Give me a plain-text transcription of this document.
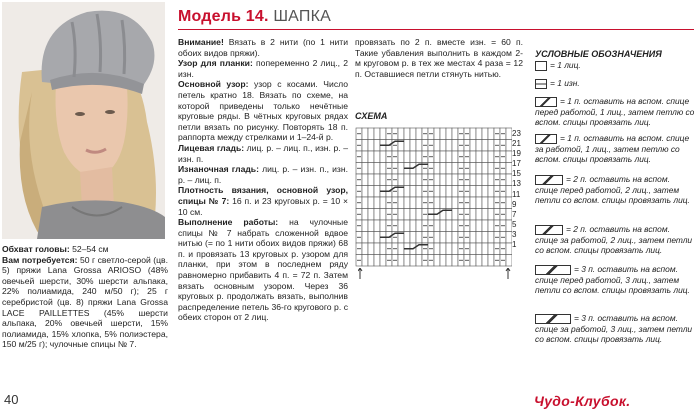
Модель 14. ШАПКА

Обхват головы: 52–54 см

Вам потребуется: 50 г светло-серой (цв. 5) пряжи Lana Grossa ARIOSO (48% овечьей шерсти, 30% шерсти альпака, 22% полиамида, 240 м/50 г); 25 г серебристой (цв. 8) пряжи Lana Grossa LACE PAILLETTES (45% шерсти альпака, 20% овечьей шерсти, 15% полиамида, 15% хлопка, 5% полиэстера, 150 м/25 г); чулочные спицы № 7.

Внимание! Вязать в 2 нити (по 1 нити обоих видов пряжи).

Узор для планки: попеременно 2 лиц., 2 изн.

Основной узор: узор с косами. Число петель кратно 18. Вязать по схеме, на которой приведены только нечётные круговые ряды. В чётных круговых рядах петли вязать по рисунку. Повторять 18 п. раппорта между стрелками и 1–24-й р.

Лицевая гладь: лиц. р. – лиц. п., изн. р. – изн. п.

Изнаночная гладь: лиц. р. – изн. п., изн. р. – лиц. п.

Плотность вязания, основной узор, спицы № 7: 16 п. и 23 круговых р. = 10 × 10 см.

Выполнение работы: на чулочные спицы № 7 набрать сложенной вдвое нитью (= по 1 нити обоих видов пряжи) 68 п. и провязать 13 круговых р. узором для планки, при этом в последнем ряду равномерно прибавить 4 п. = 72 п. Затем вязать основным узором. Через 36 круговых р. продолжать вязать, выполнив распределение петель 36-го кругового р. с обеих сторон от 2 лиц.

провязать по 2 п. вместе изн. = 60 п. Такие убавления выполнить в каждом 2-м круговом р. в тех же местах 4 раза = 12 п. Оставшиеся петли стянуть нитью.

СХЕМА
23
21
19
17
15
13
11
9
7
5
3
1
УСЛОВНЫЕ ОБОЗНАЧЕНИЯ
= 1 лиц.
= 1 изн.
= 1 п. оставить на вспом. спице перед работой, 1 лиц., затем петлю со вспом. спицы провязать лиц.
= 1 п. оставить на вспом. спице за работой, 1 лиц., затем петлю со вспом. спицы провязать лиц.
= 2 п. оставить на вспом. спице перед работой, 2 лиц., затем петли со вспом. спицы провязать лиц.
= 2 п. оставить на вспом. спице за работой, 2 лиц., затем петли со вспом. спицы провязать лиц.
= 3 п. оставить на вспом. спице перед работой, 3 лиц., затем петли со вспом. спицы провязать лиц.
= 3 п. оставить на вспом. спице за работой, 3 лиц., затем петли со вспом. спицы провязать лиц.
40	Чудо-Клубок.
